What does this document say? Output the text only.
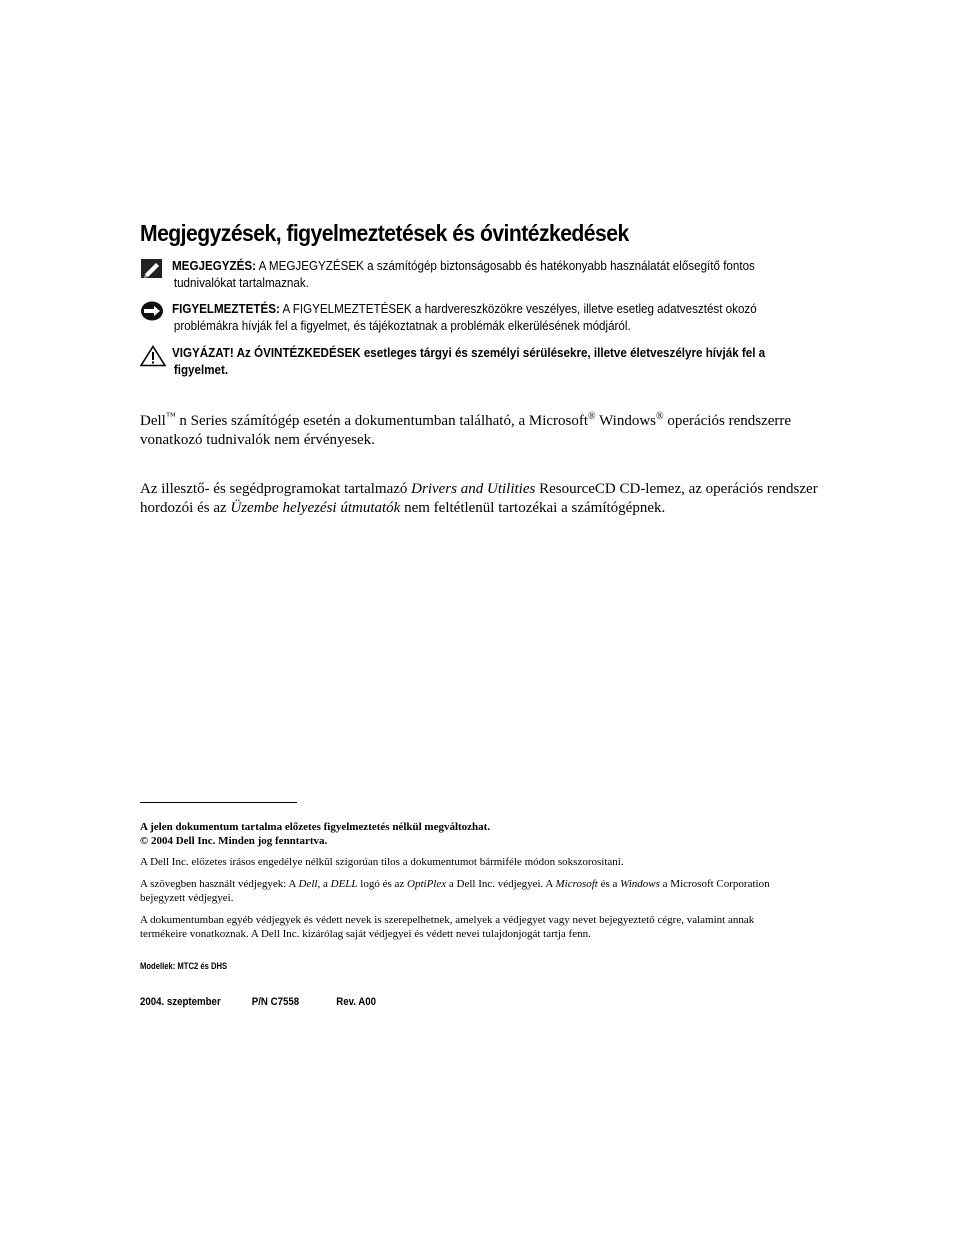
Megjegyzések, figyelmeztetések és óvintézkedések
MEGJEGYZÉS: A MEGJEGYZÉSEK a számítógép biztonságosabb és hatékonyabb használatát elősegítő fontos
tudnivalókat tartalmaznak.
FIGYELMEZTETÉS: A FIGYELMEZTETÉSEK a hardvereszközökre veszélyes, illetve esetleg adatvesztést okozó
problémákra hívják fel a figyelmet, és tájékoztatnak a problémák elkerülésének módjáról.
VIGYÁZAT! Az ÓVINTÉZKEDÉSEK esetleges tárgyi és személyi sérülésekre, illetve életveszélyre hívják fel a
figyelmet.
Dell™ n Series számítógép esetén a dokumentumban található, a Microsoft® Windows® operációs rendszerre
vonatkozó tudnivalók nem érvényesek.
Az illesztő- és segédprogramokat tartalmazó Drivers and Utilities ResourceCD CD-lemez, az operációs rendszer
hordozói és az Üzembe helyezési útmutatók nem feltétlenül tartozékai a számítógépnek.
A jelen dokumentum tartalma előzetes figyelmeztetés nélkül megváltozhat.
© 2004 Dell Inc. Minden jog fenntartva.
A Dell Inc. előzetes írásos engedélye nélkül szigorúan tilos a dokumentumot bármiféle módon sokszorosítani.
A szövegben használt védjegyek: A Dell, a DELL logó és az OptiPlex a Dell Inc. védjegyei. A Microsoft és a Windows a Microsoft Corporation
bejegyzett védjegyei.
A dokumentumban egyéb védjegyek és védett nevek is szerepelhetnek, amelyek a védjegyet vagy nevet bejegyeztető cégre, valamint annak
termékeire vonatkoznak. A Dell Inc. kizárólag saját védjegyei és védett nevei tulajdonjogát tartja fenn.
Modellek: MTC2 és DHS
2004. szeptember	P/N C7558	Rev. A00
